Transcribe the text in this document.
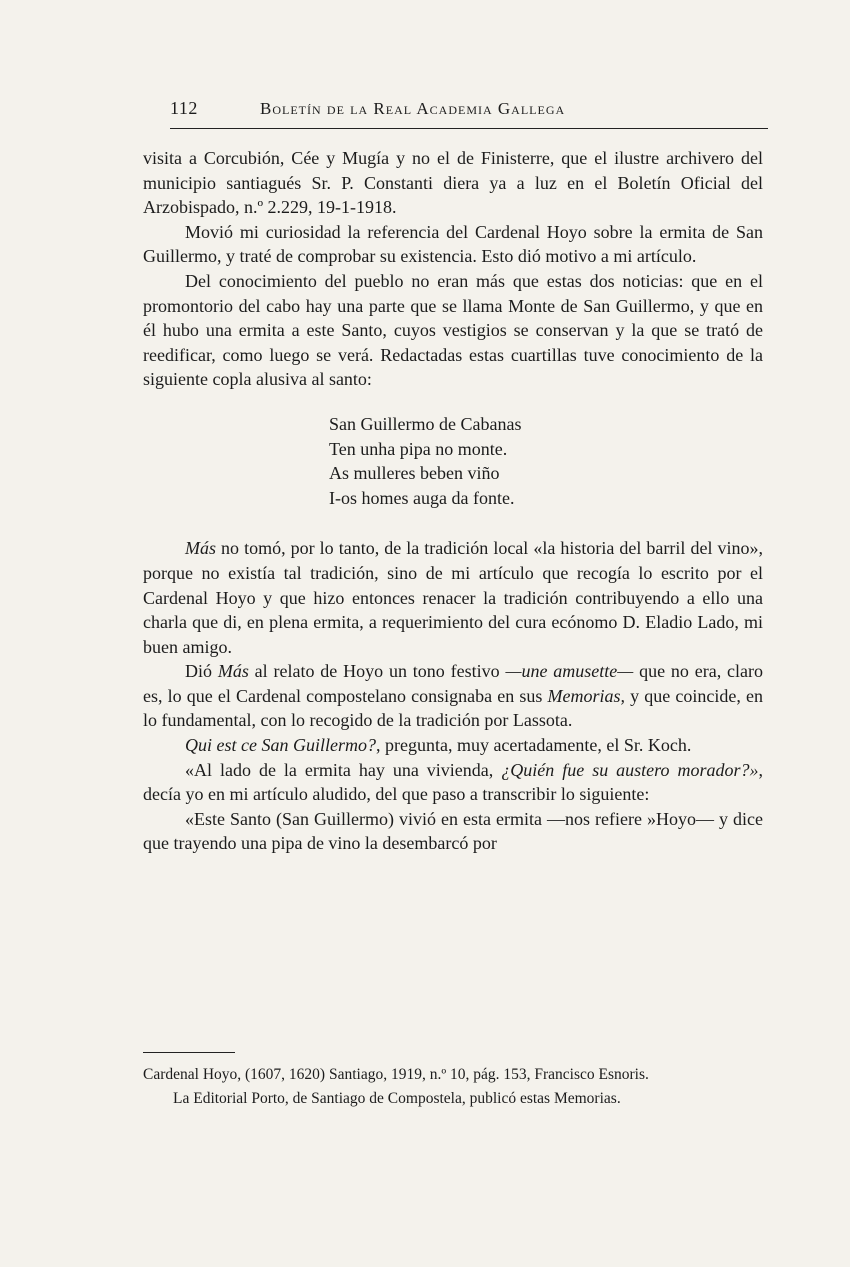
112	Boletín de la Real Academia Gallega

visita a Corcubión, Cée y Mugía y no el de Finisterre, que el ilustre archivero del municipio santiagués Sr. P. Constanti diera ya a luz en el Boletín Oficial del Arzobispado, n.º 2.229, 19-1-1918.

Movió mi curiosidad la referencia del Cardenal Hoyo sobre la ermita de San Guillermo, y traté de comprobar su existencia. Esto dió motivo a mi artículo.

Del conocimiento del pueblo no eran más que estas dos noticias: que en el promontorio del cabo hay una parte que se llama Monte de San Guillermo, y que en él hubo una ermita a este Santo, cuyos vestigios se conservan y la que se trató de reedificar, como luego se verá. Redactadas estas cuartillas tuve conocimiento de la siguiente copla alusiva al santo:

San Guillermo de Cabanas
Ten unha pipa no monte.
As mulleres beben viño
I-os homes auga da fonte.

Más no tomó, por lo tanto, de la tradición local «la historia del barril del vino», porque no existía tal tradición, sino de mi artículo que recogía lo escrito por el Cardenal Hoyo y que hizo entonces renacer la tradición contribuyendo a ello una charla que di, en plena ermita, a requerimiento del cura ecónomo D. Eladio Lado, mi buen amigo.

Dió Más al relato de Hoyo un tono festivo —une amusette— que no era, claro es, lo que el Cardenal compostelano consignaba en sus Memorias, y que coincide, en lo fundamental, con lo recogido de la tradición por Lassota.

Qui est ce San Guillermo?, pregunta, muy acertadamente, el Sr. Koch.

«Al lado de la ermita hay una vivienda, ¿Quién fue su austero morador?», decía yo en mi artículo aludido, del que paso a transcribir lo siguiente:

«Este Santo (San Guillermo) vivió en esta ermita —nos refiere »Hoyo— y dice que trayendo una pipa de vino la desembarcó por

Cardenal Hoyo, (1607, 1620) Santiago, 1919, n.º 10, pág. 153, Francisco Esnoris.

La Editorial Porto, de Santiago de Compostela, publicó estas Memorias.
